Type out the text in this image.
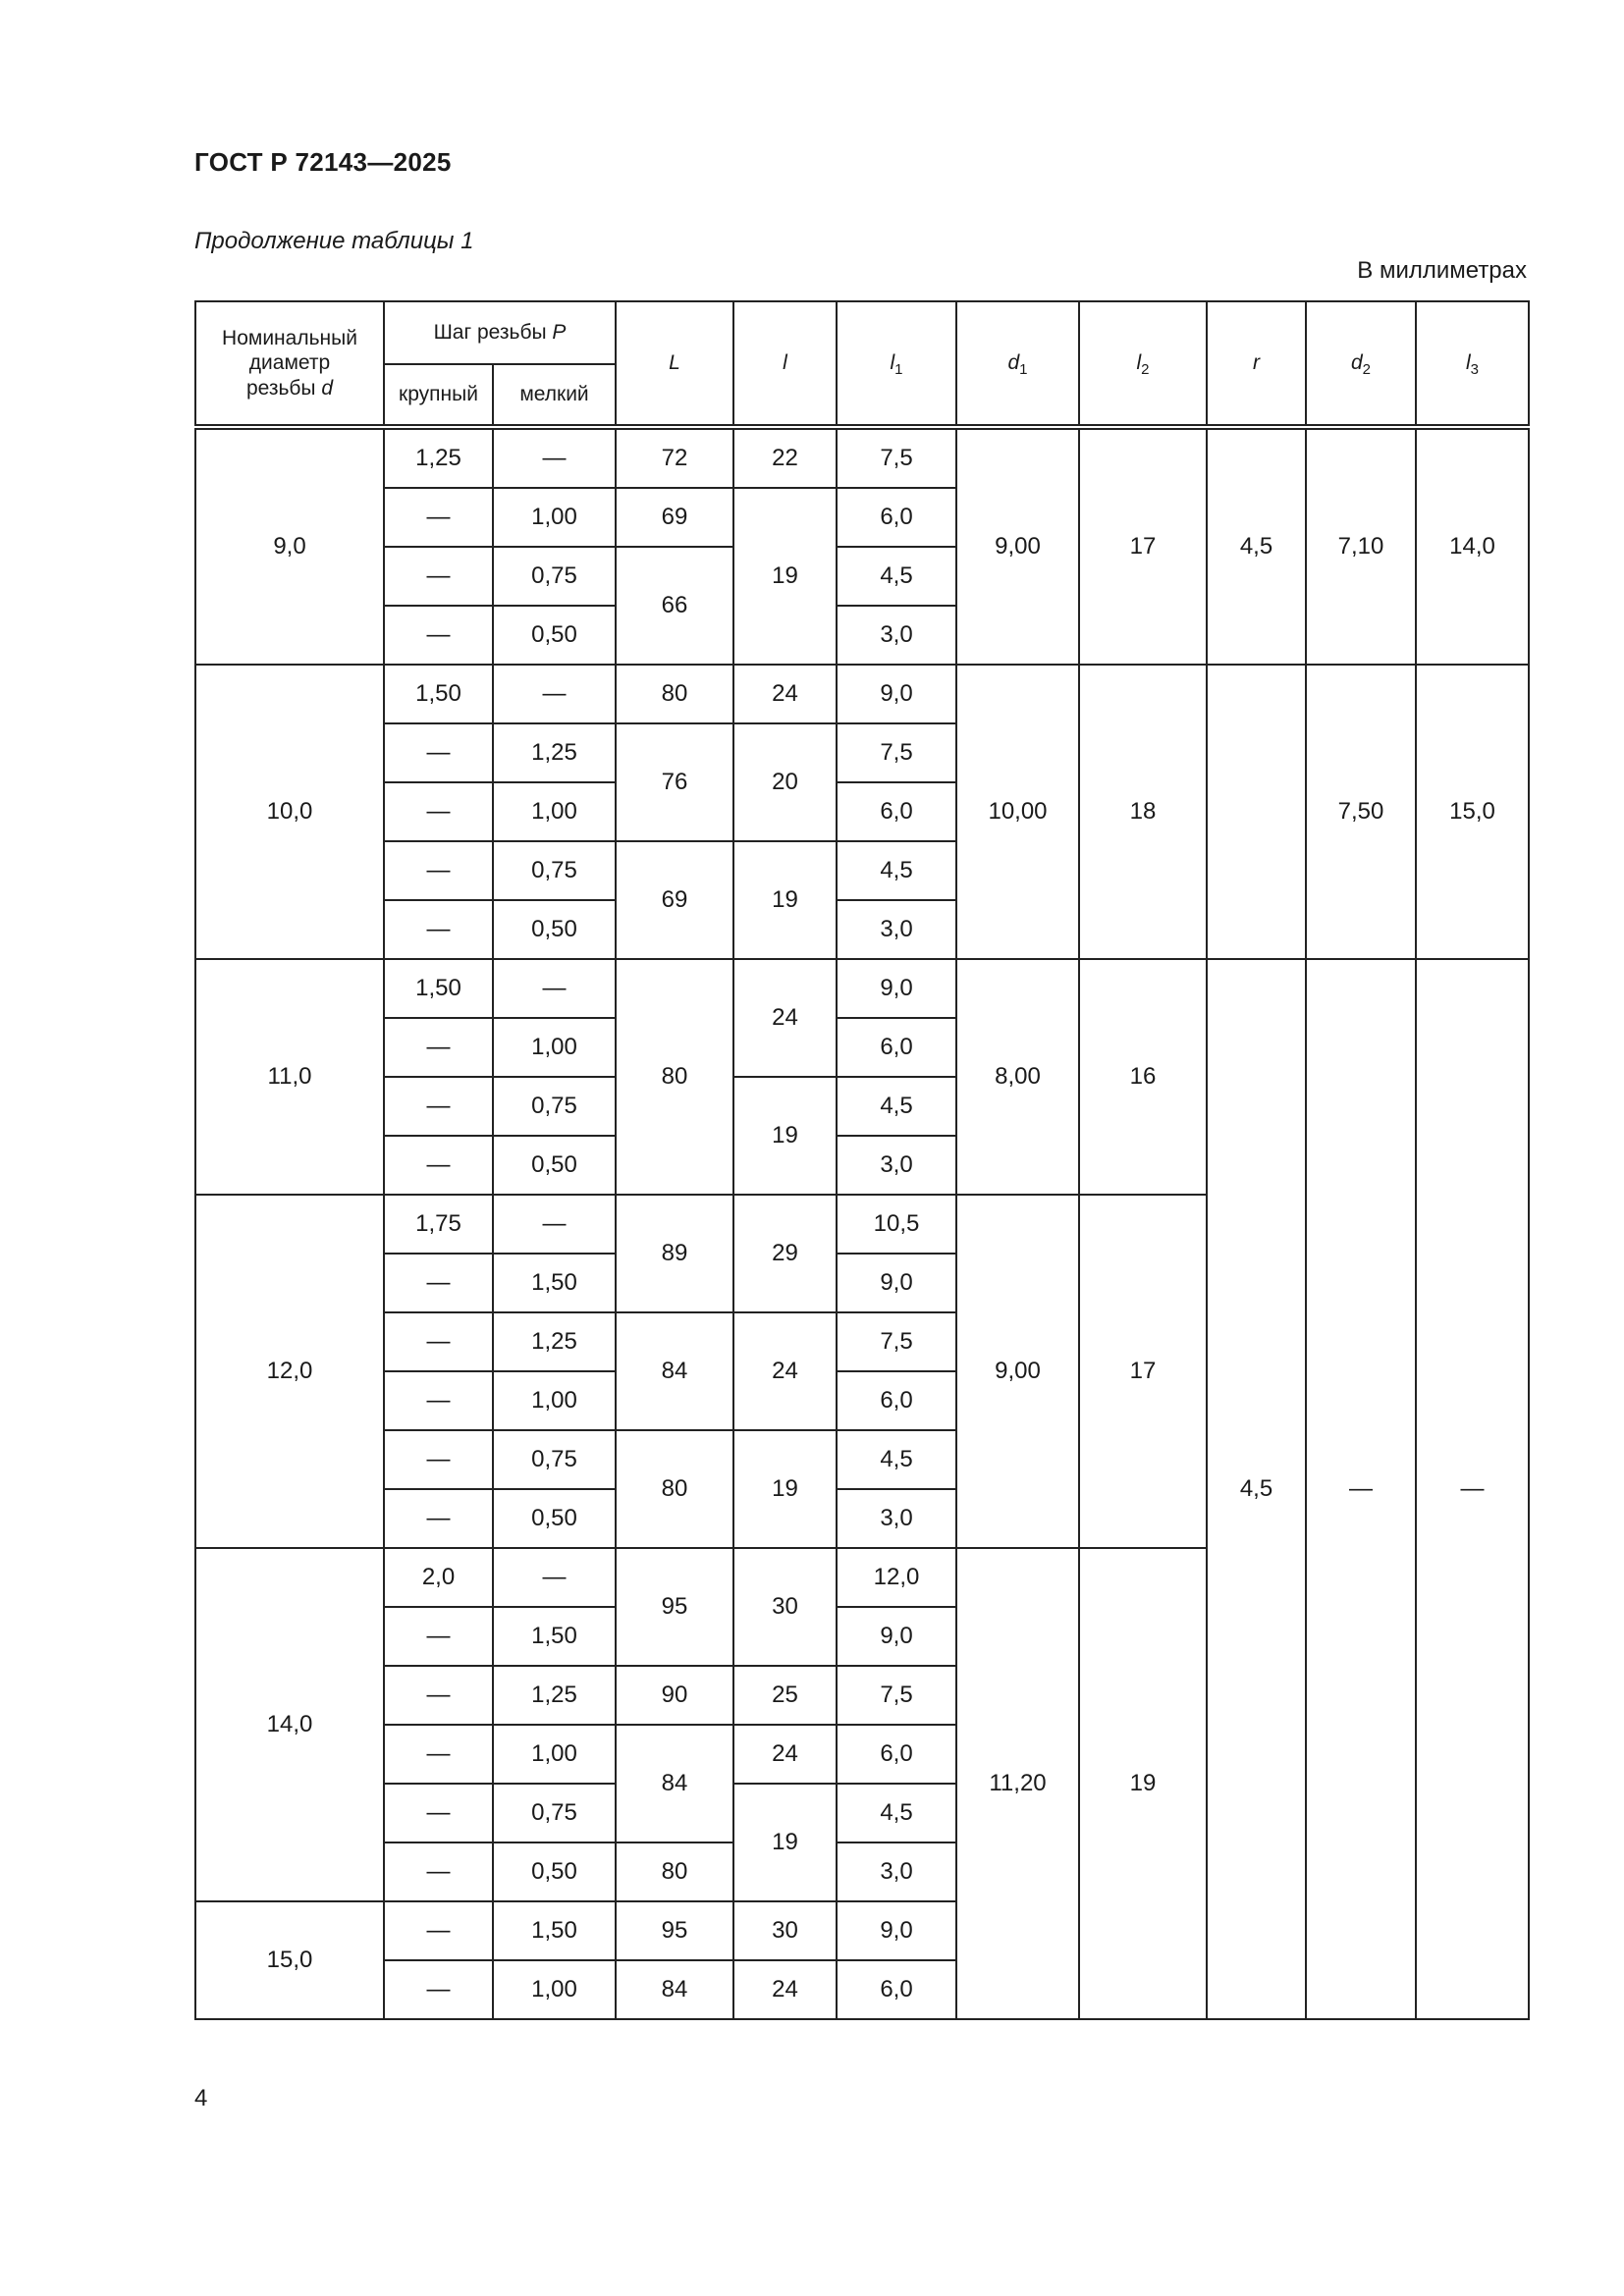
ГОСТ Р 72143—2025
Продолжение таблицы 1
В миллиметрах
Номинальный
диаметр
резьбы d	Шаг резьбы P		L	l	$l_1$	$d_1$	$l_2$	r	$d_2$	$l_3$
	крупный	мелкий								
9,0	1,25	—	72	22	7,5	9,00	17	4,5	7,10	14,0
	—	1,00	69	19	6,0					
	—	0,75	66		4,5					
	—	0,50			3,0					
10,0	1,50	—	80	24	9,0	10,00	18		7,50	15,0
	—	1,25	76	20	7,5					
	—	1,00			6,0					
	—	0,75	69	19	4,5					
	—	0,50			3,0					
11,0	1,50	—	80	24	9,0	8,00	16	4,5	—	—
	—	1,00			6,0					
	—	0,75		19	4,5					
	—	0,50			3,0					
12,0	1,75	—	89	29	10,5	9,00	17			
	—	1,50			9,0					
	—	1,25	84	24	7,5					
	—	1,00			6,0					
	—	0,75	80	19	4,5					
	—	0,50			3,0					
14,0	2,0	—	95	30	12,0	11,20	19			
	—	1,50			9,0					
	—	1,25	90	25	7,5					
	—	1,00	84	24	6,0					
	—	0,75		19	4,5					
	—	0,50	80		3,0					
15,0	—	1,50	95	30	9,0					
	—	1,00	84	24	6,0					
4
